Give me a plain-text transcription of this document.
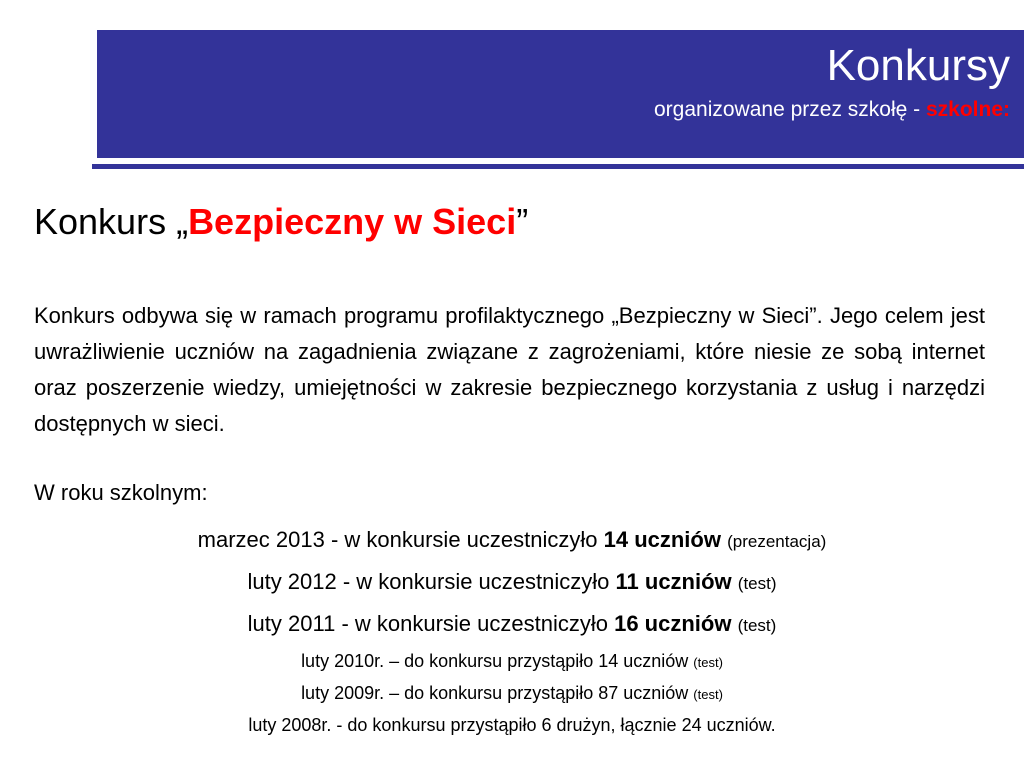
Konkursy
organizowane przez szkołę - szkolne:
Konkurs „Bezpieczny w Sieci”
Konkurs odbywa się w ramach programu profilaktycznego „Bezpieczny w Sieci”. Jego celem jest uwrażliwienie uczniów na zagadnienia związane z zagrożeniami, które niesie ze sobą internet oraz poszerzenie wiedzy, umiejętności w zakresie bezpiecznego korzystania z usług i narzędzi dostępnych w sieci.
W roku szkolnym:
marzec 2013 - w konkursie uczestniczyło 14 uczniów (prezentacja)
luty 2012 - w konkursie uczestniczyło 11 uczniów (test)
luty 2011 - w konkursie uczestniczyło 16 uczniów (test)
luty 2010r. – do konkursu przystąpiło 14 uczniów (test)
luty 2009r. – do konkursu przystąpiło 87 uczniów (test)
luty 2008r. - do konkursu przystąpiło 6 drużyn, łącznie 24 uczniów.
